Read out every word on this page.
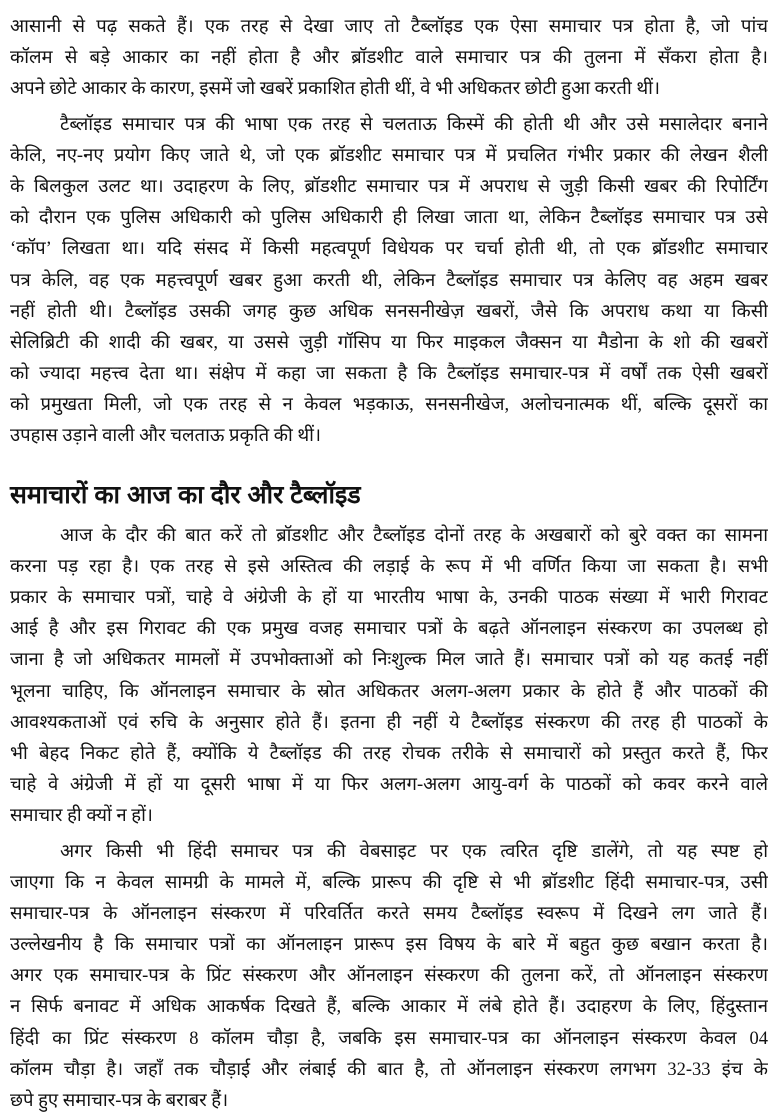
आसानी से पढ़ सकते हैं। एक तरह से देखा जाए तो टैब्लॉइड एक ऐसा समाचार पत्र होता है, जो पांच
कॉलम से बड़े आकार का नहीं होता है और ब्रॉडशीट वाले समाचार पत्र की तुलना में सँकरा होता है।
अपने छोटे आकार के कारण, इसमें जो खबरें प्रकाशित होती थीं, वे भी अधिकतर छोटी हुआ करती थीं।
टैब्लॉइड समाचार पत्र की भाषा एक तरह से चलताऊ किस्में की होती थी और उसे मसालेदार बनाने
केलि, नए-नए प्रयोग किए जाते थे, जो एक ब्रॉडशीट समाचार पत्र में प्रचलित गंभीर प्रकार की लेखन शैली
के बिलकुल उलट था। उदाहरण के लिए, ब्रॉडशीट समाचार पत्र में अपराध से जुड़ी किसी खबर की रिपोर्टिंग
को दौरान एक पुलिस अधिकारी को पुलिस अधिकारी ही लिखा जाता था, लेकिन टैब्लॉइड समाचार पत्र उसे
‘कॉप’ लिखता था। यदि संसद में किसी महत्वपूर्ण विधेयक पर चर्चा होती थी, तो एक ब्रॉडशीट समाचार
पत्र केलि, वह एक महत्त्वपूर्ण खबर हुआ करती थी, लेकिन टैब्लॉइड समाचार पत्र केलिए वह अहम खबर
नहीं होती थी। टैब्लॉइड उसकी जगह कुछ अधिक सनसनीखेज़ खबरों, जैसे कि अपराध कथा या किसी
सेलिब्रिटी की शादी की खबर, या उससे जुड़ी गॉसिप या फिर माइकल जैक्सन या मैडोना के शो की खबरों
को ज्यादा महत्त्व देता था। संक्षेप में कहा जा सकता है कि टैब्लॉइड समाचार-पत्र में वर्षों तक ऐसी खबरों
को प्रमुखता मिली, जो एक तरह से न केवल भड़काऊ, सनसनीखेज, अलोचनात्मक थीं, बल्कि दूसरों का
उपहास उड़ाने वाली और चलताऊ प्रकृति की थीं।
समाचारों का आज का दौर और टैब्लॉइड
आज के दौर की बात करें तो ब्रॉडशीट और टैब्लॉइड दोनों तरह के अखबारों को बुरे वक्त का सामना
करना पड़ रहा है। एक तरह से इसे अस्तित्व की लड़ाई के रूप में भी वर्णित किया जा सकता है। सभी
प्रकार के समाचार पत्रों, चाहे वे अंग्रेजी के हों या भारतीय भाषा के, उनकी पाठक संख्या में भारी गिरावट
आई है और इस गिरावट की एक प्रमुख वजह समाचार पत्रों के बढ़ते ऑनलाइन संस्करण का उपलब्ध हो
जाना है जो अधिकतर मामलों में उपभोक्ताओं को निःशुल्क मिल जाते हैं। समाचार पत्रों को यह कतई नहीं
भूलना चाहिए, कि ऑनलाइन समाचार के स्रोत अधिकतर अलग-अलग प्रकार के होते हैं और पाठकों की
आवश्यकताओं एवं रुचि के अनुसार होते हैं। इतना ही नहीं ये टैब्लॉइड संस्करण की तरह ही पाठकों के
भी बेहद निकट होते हैं, क्योंकि ये टैब्लॉइड की तरह रोचक तरीके से समाचारों को प्रस्तुत करते हैं, फिर
चाहे वे अंग्रेजी में हों या दूसरी भाषा में या फिर अलग-अलग आयु-वर्ग के पाठकों को कवर करने वाले
समाचार ही क्यों न हों।
अगर किसी भी हिंदी समाचर पत्र की वेबसाइट पर एक त्वरित दृष्टि डालेंगे, तो यह स्पष्ट हो
जाएगा कि न केवल सामग्री के मामले में, बल्कि प्रारूप की दृष्टि से भी ब्रॉडशीट हिंदी समाचार-पत्र, उसी
समाचार-पत्र के ऑनलाइन संस्करण में परिवर्तित करते समय टैब्लॉइड स्वरूप में दिखने लग जाते हैं।
उल्लेखनीय है कि समाचार पत्रों का ऑनलाइन प्रारूप इस विषय के बारे में बहुत कुछ बखान करता है।
अगर एक समाचार-पत्र के प्रिंट संस्करण और ऑनलाइन संस्करण की तुलना करें, तो ऑनलाइन संस्करण
न सिर्फ बनावट में अधिक आकर्षक दिखते हैं, बल्कि आकार में लंबे होते हैं। उदाहरण के लिए, हिंदुस्तान
हिंदी का प्रिंट संस्करण 8 कॉलम चौड़ा है, जबकि इस समाचार-पत्र का ऑनलाइन संस्करण केवल 04
कॉलम चौड़ा है। जहाँ तक चौड़ाई और लंबाई की बात है, तो ऑनलाइन संस्करण लगभग 32-33 इंच के
छपे हुए समाचार-पत्र के बराबर हैं।
